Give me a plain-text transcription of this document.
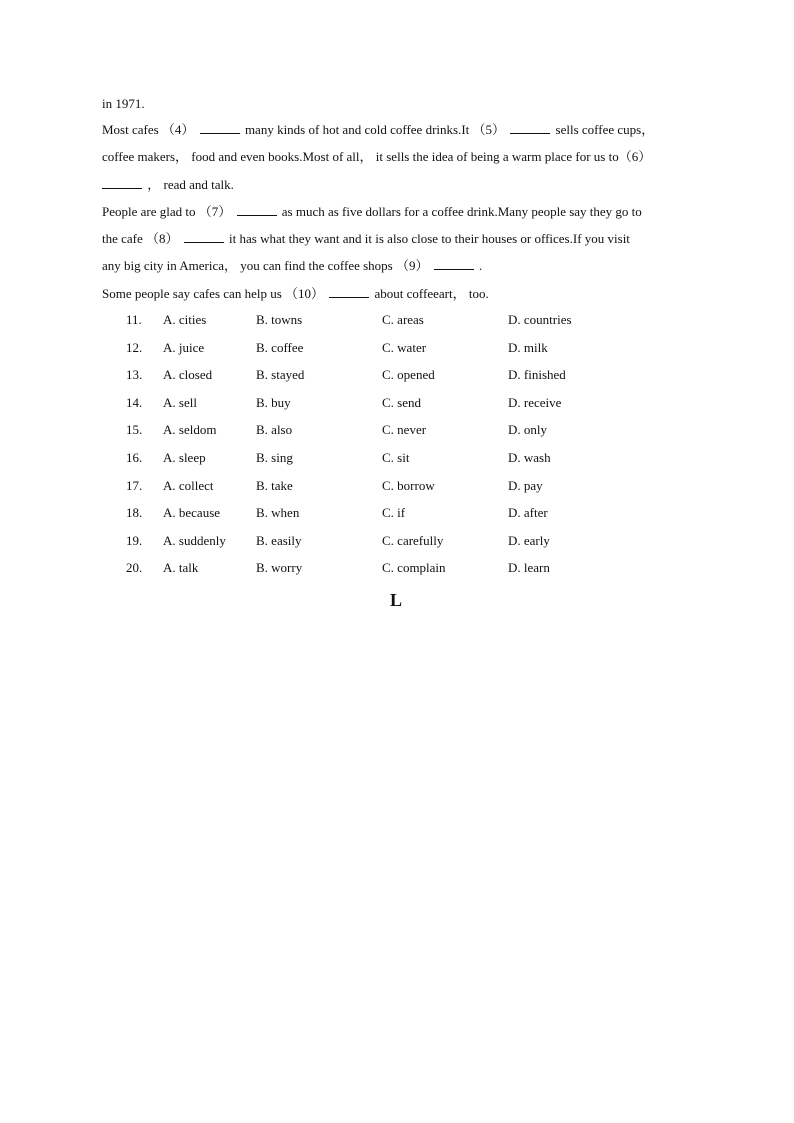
in 1971.
Most cafes （4）	many kinds of hot and cold coffee drinks.It （5）	sells coffee cups，
coffee makers， food and even books.Most of all， it sells the idea of being a warm place for us to（6）
， read and talk.
People are glad to （7）	as much as five dollars for a coffee drink.Many people say they go to
the cafe （8）	it has what they want and it is also close to their houses or offices.If you visit
any big city in America， you can find the coffee shops （9）	.
Some people say cafes can help us （10）	about coffeeart， too.
11.	A. cities	B. towns	C. areas	D. countries
12.	A. juice	B. coffee	C. water	D. milk
13.	A. closed	B. stayed	C. opened	D. finished
14.	A. sell	B. buy	C. send	D. receive
15.	A. seldom	B. also	C. never	D. only
16.	A. sleep	B. sing	C. sit	D. wash
17.	A. collect	B. take	C. borrow	D. pay
18.	A. because	B. when	C. if	D. after
19.	A. suddenly B. easily	C. carefully	D. early
20.	A. talk	B. worry	C. complain	D. learn
L
